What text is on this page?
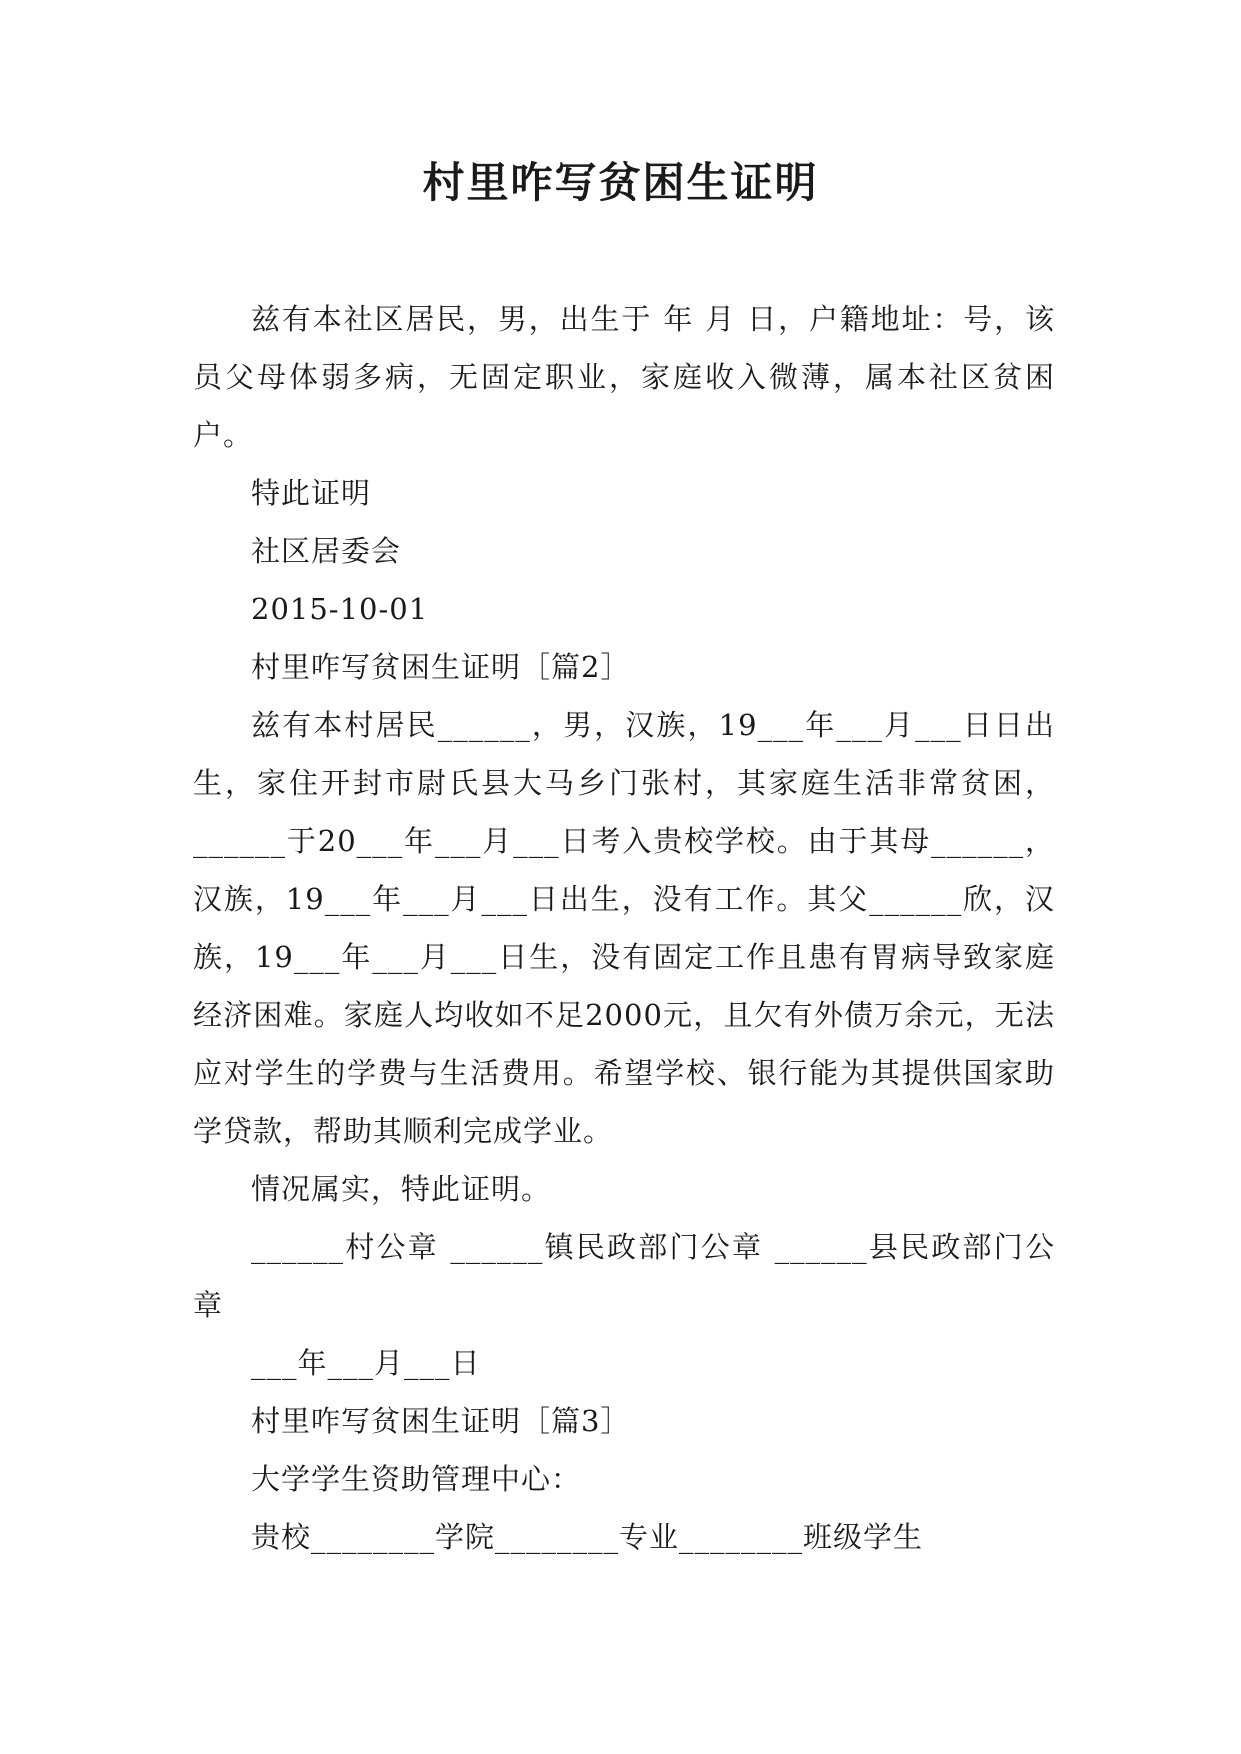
村里咋写贫困生证明

兹有本社区居民，男，出生于 年 月 日，户籍地址：号，该员父母体弱多病，无固定职业，家庭收入微薄，属本社区贫困户。

特此证明

社区居委会

2015-10-01

村里咋写贫困生证明［篇2］

兹有本村居民______，男，汉族，19___年___月___日日出生，家住开封市尉氏县大马乡门张村，其家庭生活非常贫困，______于20___年___月___日考入贵校学校。由于其母______，汉族，19___年___月___日出生，没有工作。其父______欣，汉族，19___年___月___日生，没有固定工作且患有胃病导致家庭经济困难。家庭人均收如不足2000元，且欠有外债万余元，无法应对学生的学费与生活费用。希望学校、银行能为其提供国家助学贷款，帮助其顺利完成学业。

情况属实，特此证明。

______村公章 ______镇民政部门公章 ______县民政部门公章

___年___月___日

村里咋写贫困生证明［篇3］

大学学生资助管理中心：

贵校________学院________专业________班级学生
